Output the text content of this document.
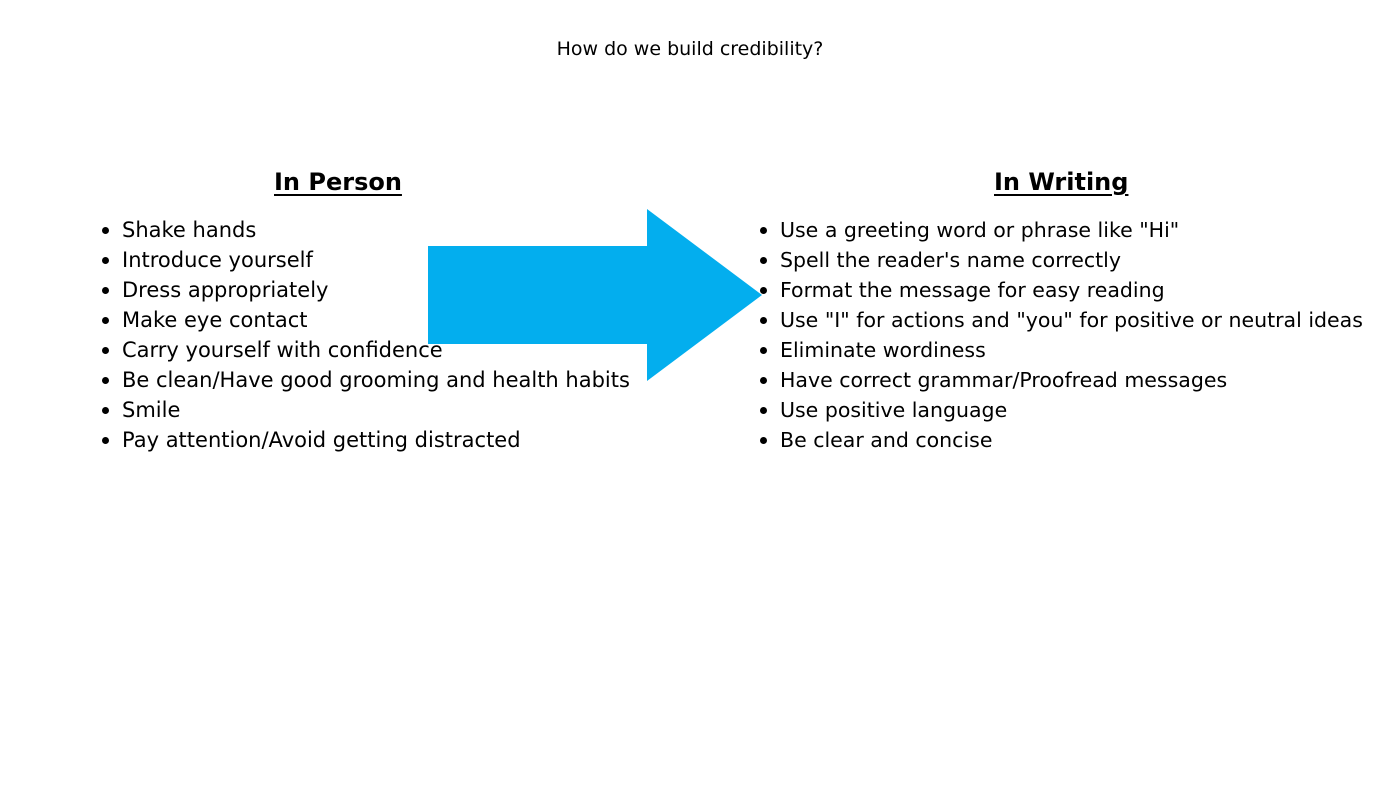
How do we build credibility?
In Person
Shake hands
Introduce yourself
Dress appropriately
Make eye contact
Carry yourself with confidence
Be clean/Have good grooming and health habits
Smile
Pay attention/Avoid getting distracted
In Writing
Use a greeting word or phrase like "Hi"
Spell the reader's name correctly
Format the message for easy reading
Use "I" for actions and "you" for positive or neutral ideas
Eliminate wordiness
Have correct grammar/Proofread messages
Use positive language
Be clear and concise
